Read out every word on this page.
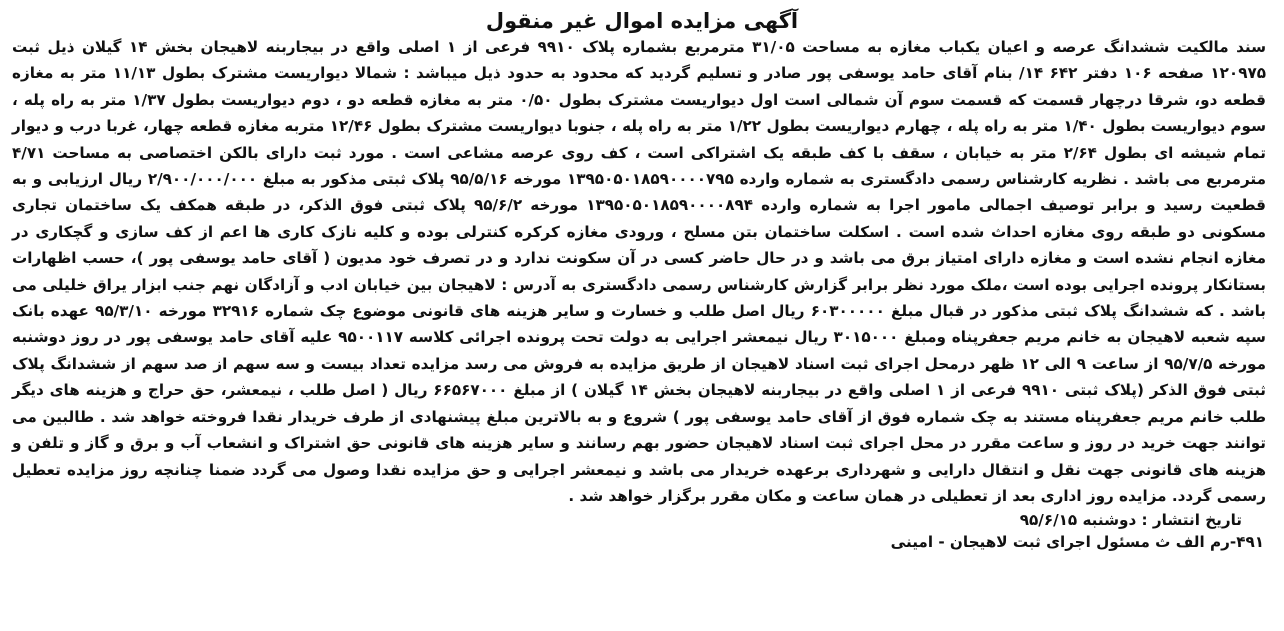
آگهی مزایده اموال غیر منقول

سند مالکیت ششدانگ عرصه و اعیان یکباب مغازه به مساحت ۳۱/۰۵ مترمربع بشماره پلاک ۹۹۱۰ فرعی از ۱ اصلی واقع در بیجاربنه لاهیجان بخش ۱۴ گیلان ذیل ثبت ۱۲۰۹۷۵ صفحه ۱۰۶ دفتر ۶۴۲ ۱۴/ بنام آقای حامد یوسفی پور صادر و تسلیم گردید که محدود به حدود ذیل میباشد : شمالا دیواریست مشترک بطول ۱۱/۱۳ متر به مغازه قطعه دو، شرقا درچهار قسمت که قسمت سوم آن شمالی است اول دیواریست مشترک بطول ۰/۵۰ متر به مغازه قطعه دو ، دوم دیواریست بطول ۱/۳۷ متر به راه پله ، سوم دیواریست بطول ۱/۴۰ متر به راه پله ، چهارم دیواریست بطول ۱/۲۲ متر به راه پله ، جنوبا دیواریست مشترک بطول ۱۲/۴۶ متربه مغازه قطعه چهار، غربا درب و دیوار تمام شیشه ای بطول ۲/۶۴ متر به خیابان ، سقف با کف طبقه یک اشتراکی است ، کف روی عرصه مشاعی است . مورد ثبت دارای بالکن اختصاصی به مساحت ۴/۷۱ مترمربع می باشد . نظریه کارشناس رسمی دادگستری به شماره وارده ۱۳۹۵۰۵۰۱۸۵۹۰۰۰۰۷۹۵ مورخه ۹۵/۵/۱۶ پلاک ثبتی مذکور به مبلغ ۲/۹۰۰/۰۰۰/۰۰۰ ریال ارزیابی و به قطعیت رسید و برابر توصیف اجمالی مامور اجرا به شماره وارده ۱۳۹۵۰۵۰۱۸۵۹۰۰۰۰۸۹۴ مورخه ۹۵/۶/۲ پلاک ثبتی فوق الذکر، در طبقه همکف یک ساختمان تجاری مسکونی دو طبقه روی مغازه احداث شده است . اسکلت ساختمان بتن مسلح ، ورودی مغازه کرکره کنترلی بوده و کلیه نازک کاری ها اعم از کف سازی و گچکاری در مغازه انجام نشده است و مغازه دارای امتیاز برق می باشد و در حال حاضر کسی در آن سکونت ندارد و در تصرف خود مدیون ( آقای حامد یوسفی پور )، حسب اظهارات بستانکار پرونده اجرایی بوده است ،ملک مورد نظر برابر گزارش کارشناس رسمی دادگستری به آدرس : لاهیجان بین خیابان ادب و آزادگان نهم جنب ابزار یراق خلیلی می باشد . که ششدانگ پلاک ثبتی مذکور در قبال مبلغ ۶۰۳۰۰۰۰۰ ریال اصل طلب و خسارت و سایر هزینه های قانونی موضوع چک شماره ۳۲۹۱۶ مورخه ۹۵/۳/۱۰ عهده بانک سپه شعبه لاهیجان به خانم مریم جعفرپناه ومبلغ ۳۰۱۵۰۰۰ ریال نیمعشر اجرایی به دولت تحت پرونده اجرائی کلاسه ۹۵۰۰۱۱۷ علیه آقای حامد یوسفی پور در روز دوشنبه مورخه ۹۵/۷/۵ از ساعت ۹ الی ۱۲ ظهر درمحل اجرای ثبت اسناد لاهیجان از طریق مزایده به فروش می رسد مزایده تعداد بیست و سه سهم از صد سهم از ششدانگ پلاک ثبتی فوق الذکر (پلاک ثبتی ۹۹۱۰ فرعی از ۱ اصلی واقع در بیجاربنه لاهیجان بخش ۱۴ گیلان ) از مبلغ ۶۶۵۶۷۰۰۰ ریال ( اصل طلب ، نیمعشر، حق حراج و هزینه های دیگر طلب خانم مریم جعفرپناه مستند به چک شماره فوق از آقای حامد یوسفی پور ) شروع و به بالاترین مبلغ پیشنهادی از طرف خریدار نقدا فروخته خواهد شد . طالبین می توانند جهت خرید در روز و ساعت مقرر در محل اجرای ثبت اسناد لاهیجان حضور بهم رسانند و سایر هزینه های قانونی حق اشتراک و انشعاب آب و برق و گاز و تلفن و هزینه های قانونی جهت نقل و انتقال دارایی و شهرداری برعهده خریدار می باشد و نیمعشر اجرایی و حق مزایده نقدا وصول می گردد ضمنا چنانچه روز مزایده تعطیل رسمی گردد. مزایده روز اداری بعد از تعطیلی در همان ساعت و مکان مقرر برگزار خواهد شد .

تاریخ انتشار : دوشنبه ۹۵/۶/۱۵
۴۹۱-رم الف ث مسئول اجرای ثبت لاهیجان - امینی
